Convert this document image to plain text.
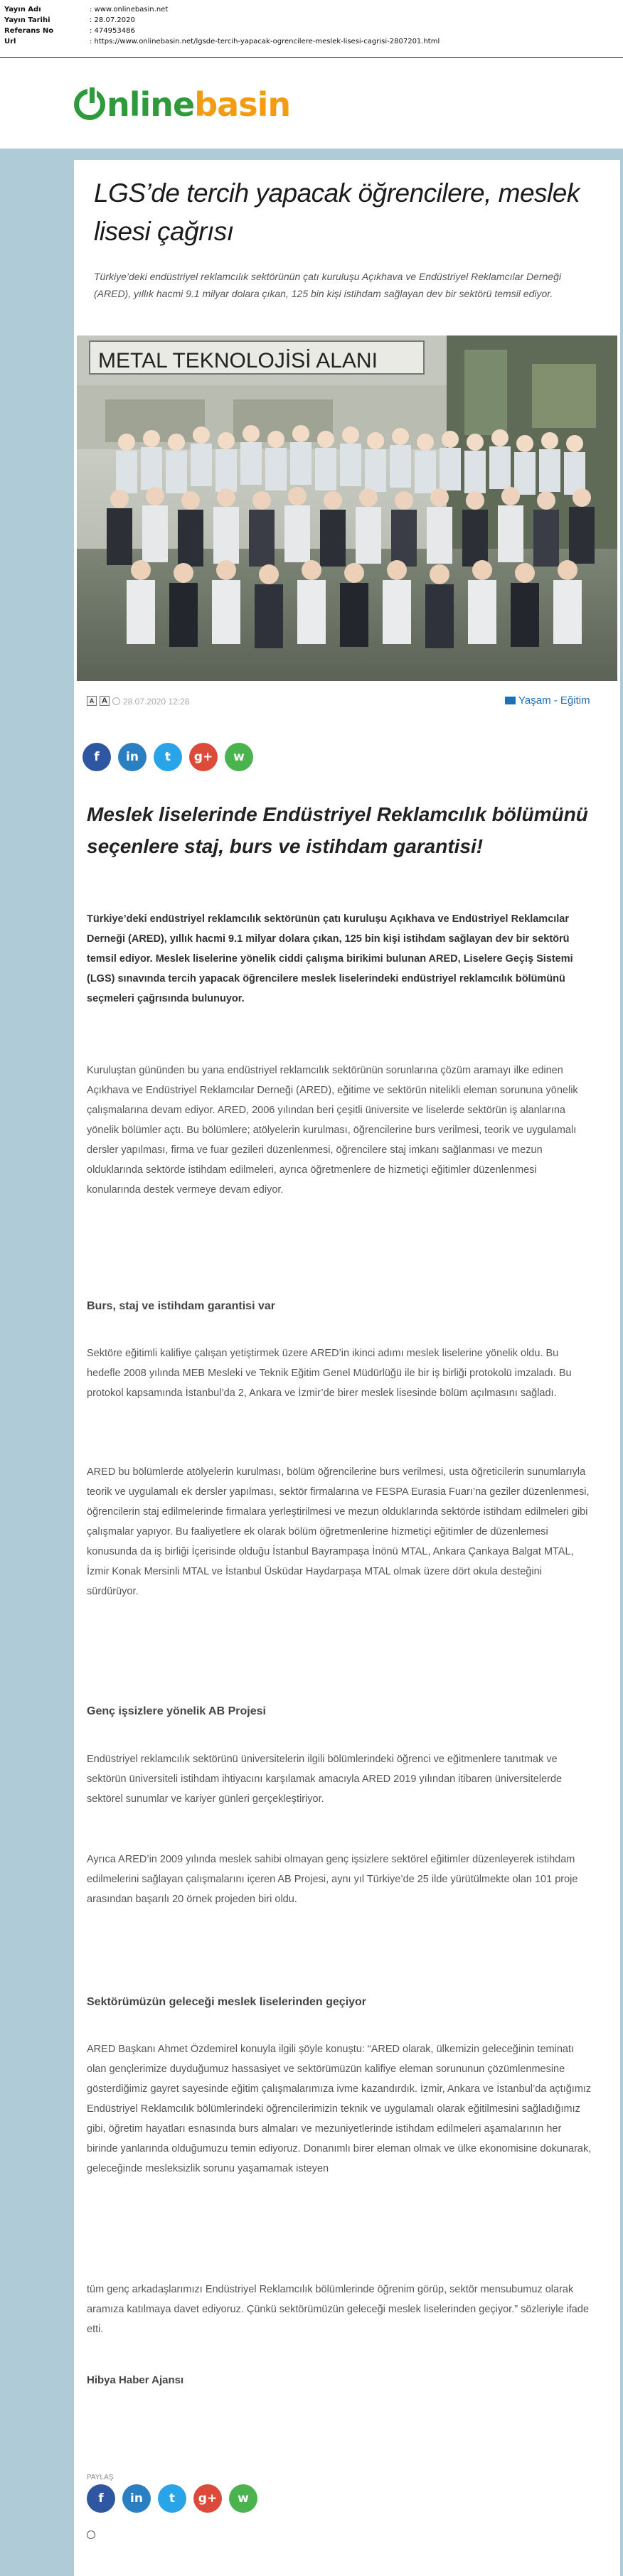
Yayın Adı	: www.onlinebasin.net
Yayın Tarihi	: 28.07.2020
Referans No	: 474953486
Url	: https://www.onlinebasin.net/lgsde-tercih-yapacak-ogrencilere-meslek-lisesi-cagrisi-2807201.html
nline basin
LGS’de tercih yapacak öğrencilere, meslek lisesi çağrısı

Türkiye’deki endüstriyel reklamcılık sektörünün çatı kuruluşu Açıkhava ve Endüstriyel Reklamcılar Derneği (ARED), yıllık hacmi 9.1 milyar dolara çıkan, 125 bin kişi istihdam sağlayan dev bir sektörü temsil ediyor.

METAL TEKNOLOJİSİ ALANI
A A 28.07.2020 12:28	Yaşam - Eğitim
f	in	t	g+	w
Meslek liselerinde Endüstriyel Reklamcılık bölümünü seçenlere staj, burs ve istihdam garantisi!

Türkiye’deki endüstriyel reklamcılık sektörünün çatı kuruluşu Açıkhava ve Endüstriyel Reklamcılar Derneği (ARED), yıllık hacmi 9.1 milyar dolara çıkan, 125 bin kişi istihdam sağlayan dev bir sektörü temsil ediyor. Meslek liselerine yönelik ciddi çalışma birikimi bulunan ARED, Liselere Geçiş Sistemi (LGS) sınavında tercih yapacak öğrencilere meslek liselerindeki endüstriyel reklamcılık bölümünü seçmeleri çağrısında bulunuyor.

Kuruluştan gününden bu yana endüstriyel reklamcılık sektörünün sorunlarına çözüm aramayı ilke edinen Açıkhava ve Endüstriyel Reklamcılar Derneği (ARED), eğitime ve sektörün nitelikli eleman sorununa yönelik çalışmalarına devam ediyor. ARED, 2006 yılından beri çeşitli üniversite ve liselerde sektörün iş alanlarına yönelik bölümler açtı. Bu bölümlere; atölyelerin kurulması, öğrencilerine burs verilmesi, teorik ve uygulamalı dersler yapılması, firma ve fuar gezileri düzenlenmesi, öğrencilere staj imkanı sağlanması ve mezun olduklarında sektörde istihdam edilmeleri, ayrıca öğretmenlere de hizmetiçi eğitimler düzenlenmesi konularında destek vermeye devam ediyor.

Burs, staj ve istihdam garantisi var

Sektöre eğitimli kalifiye çalışan yetiştirmek üzere ARED’in ikinci adımı meslek liselerine yönelik oldu. Bu hedefle 2008 yılında MEB Mesleki ve Teknik Eğitim Genel Müdürlüğü ile bir iş birliği protokolü imzaladı. Bu protokol kapsamında İstanbul’da 2, Ankara ve İzmir’de birer meslek lisesinde bölüm açılmasını sağladı.

ARED bu bölümlerde atölyelerin kurulması, bölüm öğrencilerine burs verilmesi, usta öğreticilerin sunumlarıyla teorik ve uygulamalı ek dersler yapılması, sektör firmalarına ve FESPA Eurasia Fuarı’na geziler düzenlenmesi, öğrencilerin staj edilmelerinde firmalara yerleştirilmesi ve mezun olduklarında sektörde istihdam edilmeleri gibi çalışmalar yapıyor. Bu faaliyetlere ek olarak bölüm öğretmenlerine hizmetiçi eğitimler de düzenlemesi konusunda da iş birliği İçerisinde olduğu İstanbul Bayrampaşa İnönü MTAL, Ankara Çankaya Balgat MTAL, İzmir Konak Mersinli MTAL ve İstanbul Üsküdar Haydarpaşa MTAL olmak üzere dört okula desteğini sürdürüyor.

Genç işsizlere yönelik AB Projesi

Endüstriyel reklamcılık sektörünü üniversitelerin ilgili bölümlerindeki öğrenci ve eğitmenlere tanıtmak ve sektörün üniversiteli istihdam ihtiyacını karşılamak amacıyla ARED 2019 yılından itibaren üniversitelerde sektörel sunumlar ve kariyer günleri gerçekleştiriyor.

Ayrıca ARED’in 2009 yılında meslek sahibi olmayan genç işsizlere sektörel eğitimler düzenleyerek istihdam edilmelerini sağlayan çalışmalarını içeren AB Projesi, aynı yıl Türkiye’de 25 ilde yürütülmekte olan 101 proje arasından başarılı 20 örnek projeden biri oldu.

Sektörümüzün geleceği meslek liselerinden geçiyor

ARED Başkanı Ahmet Özdemirel konuyla ilgili şöyle konuştu: “ARED olarak, ülkemizin geleceğinin teminatı olan gençlerimize duyduğumuz hassasiyet ve sektörümüzün kalifiye eleman sorununun çözümlenmesine gösterdiğimiz gayret sayesinde eğitim çalışmalarımıza ivme kazandırdık. İzmir, Ankara ve İstanbul’da açtığımız Endüstriyel Reklamcılık bölümlerindeki öğrencilerimizin teknik ve uygulamalı olarak eğitilmesini sağladığımız gibi, öğretim hayatları esnasında burs almaları ve mezuniyetlerinde istihdam edilmeleri aşamalarının her birinde yanlarında olduğumuzu temin ediyoruz. Donanımlı birer eleman olmak ve ülke ekonomisine dokunarak, geleceğinde mesleksizlik sorunu yaşamamak isteyen

tüm genç arkadaşlarımızı Endüstriyel Reklamcılık bölümlerinde öğrenim görüp, sektör mensubumuz olarak aramıza katılmaya davet ediyoruz. Çünkü sektörümüzün geleceği meslek liselerinden geçiyor.” sözleriyle ifade etti.

Hibya Haber Ajansı

PAYLAŞ
f	in	t	g+	w
